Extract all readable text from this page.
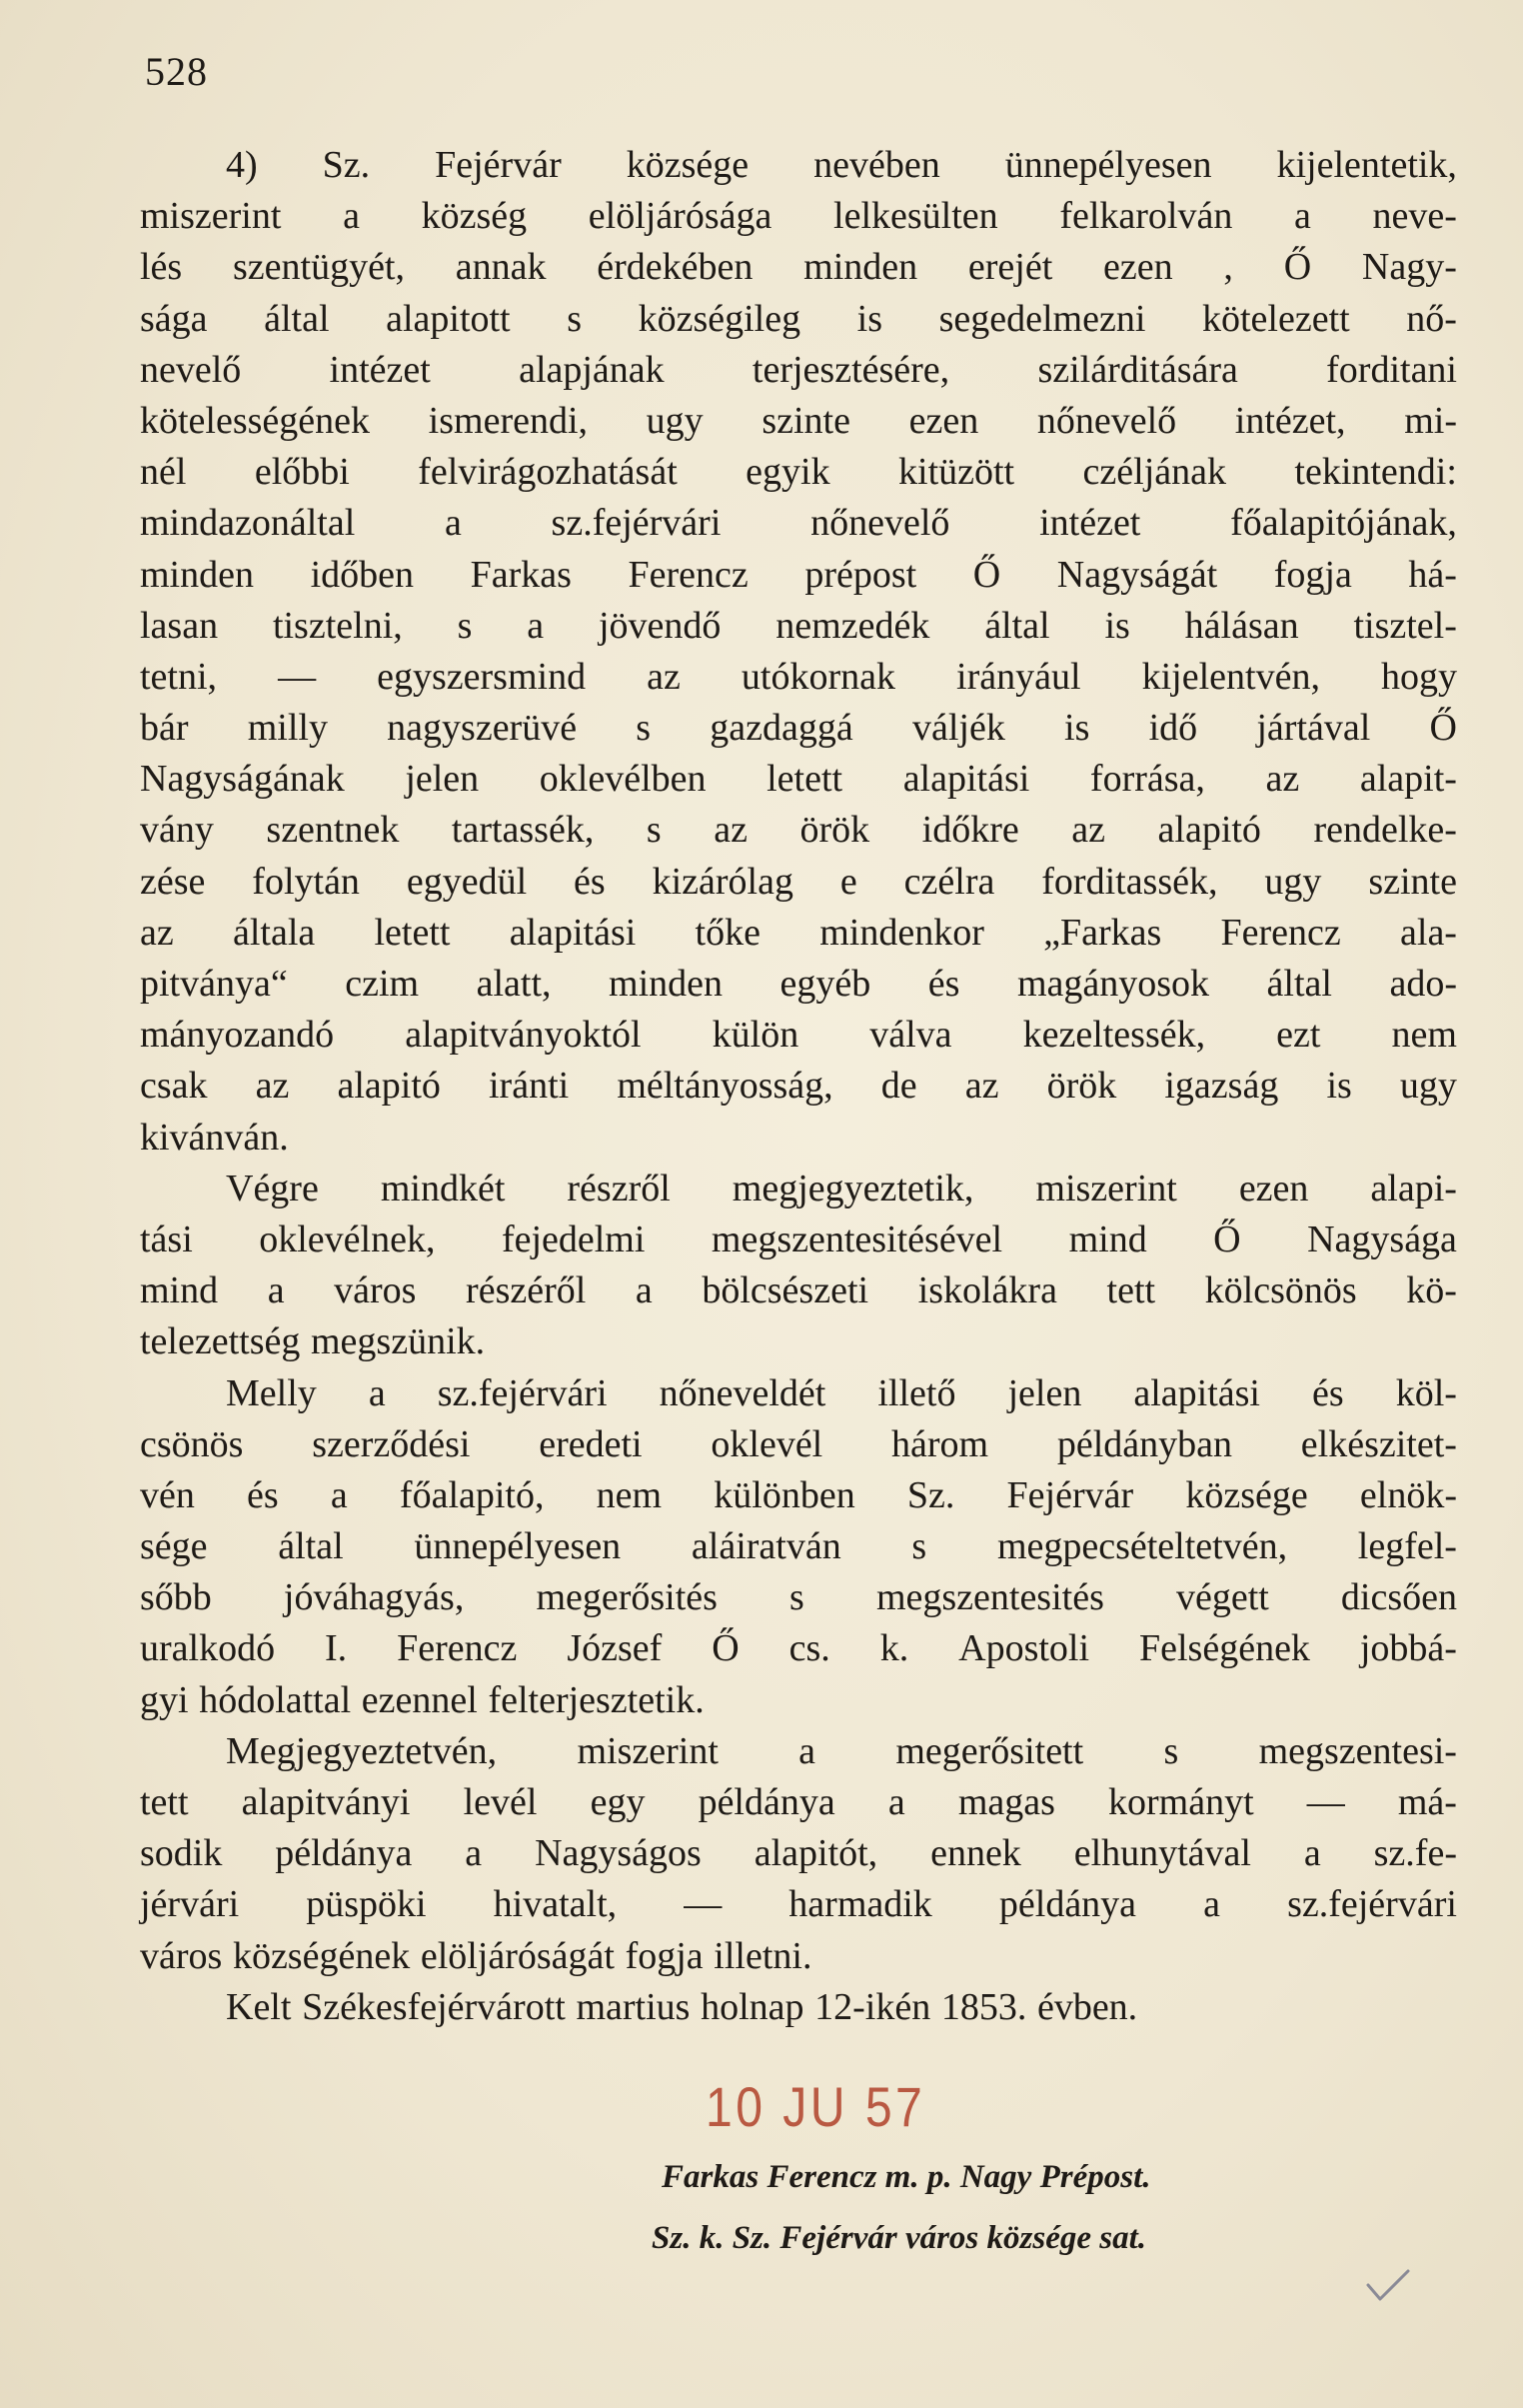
528
4) Sz. Fejérvár községe nevében ünnepélyesen kijelentetik,
miszerint a község elöljárósága lelkesülten felkarolván a neve-
lés szentügyét, annak érdekében minden erejét ezen , Ő Nagy-
sága által alapitott s községileg is segedelmezni kötelezett nő-
nevelő intézet alapjának terjesztésére, szilárditására forditani
kötelességének ismerendi, ugy szinte ezen nőnevelő intézet, mi-
nél előbbi felvirágozhatását egyik kitüzött czéljának tekintendi:
mindazonáltal a sz.fejérvári nőnevelő intézet főalapitójának,
minden időben Farkas Ferencz prépost Ő Nagyságát fogja há-
lasan tisztelni, s a jövendő nemzedék által is hálásan tisztel-
tetni, — egyszersmind az utókornak irányául kijelentvén, hogy
bár milly nagyszerüvé s gazdaggá váljék is idő jártával Ő
Nagyságának jelen oklevélben letett alapitási forrása, az alapit-
vány szentnek tartassék, s az örök időkre az alapitó rendelke-
zése folytán egyedül és kizárólag e czélra forditassék, ugy szinte
az általa letett alapitási tőke mindenkor „Farkas Ferencz ala-
pitványa“ czim alatt, minden egyéb és magányosok által ado-
mányozandó alapitványoktól külön válva kezeltessék, ezt nem
csak az alapitó iránti méltányosság, de az örök igazság is ugy
kivánván.
Végre mindkét részről megjegyeztetik, miszerint ezen alapi-
tási oklevélnek, fejedelmi megszentesitésével mind Ő Nagysága
mind a város részéről a bölcsészeti iskolákra tett kölcsönös kö-
telezettség megszünik.
Melly a sz.fejérvári nőneveldét illető jelen alapitási és köl-
csönös szerződési eredeti oklevél három példányban elkészitet-
vén és a főalapitó, nem különben Sz. Fejérvár községe elnök-
sége által ünnepélyesen aláiratván s megpecsételtetvén, legfel-
sőbb jóváhagyás, megerősités s megszentesités végett dicsően
uralkodó I. Ferencz József Ő cs. k. Apostoli Felségének jobbá-
gyi hódolattal ezennel felterjesztetik.
Megjegyeztetvén, miszerint a megerősitett s megszentesi-
tett alapitványi levél egy példánya a magas kormányt — má-
sodik példánya a Nagyságos alapitót, ennek elhunytával a sz.fe-
jérvári püspöki hivatalt, — harmadik példánya a sz.fejérvári
város községének elöljáróságát fogja illetni.
Kelt Székesfejérvárott martius holnap 12-ikén 1853. évben.
10 JU 57
Farkas Ferencz m. p. Nagy Prépost.
Sz. k. Sz. Fejérvár város községe sat.
